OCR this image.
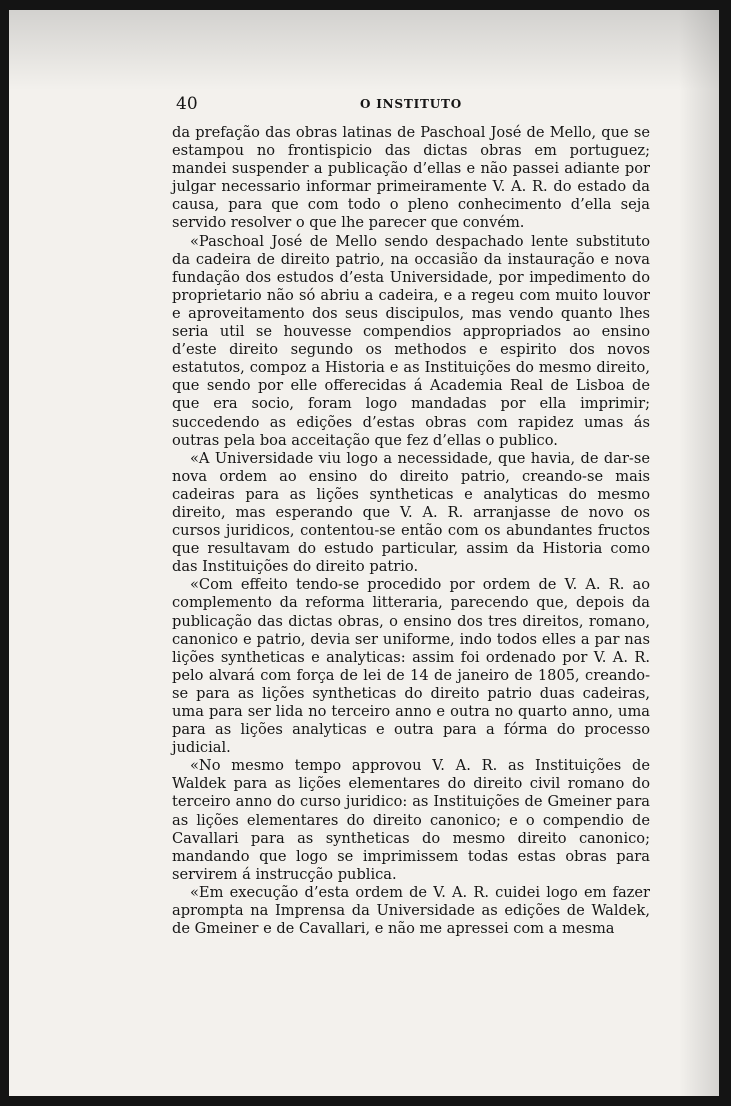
40	O INSTITUTO

da prefação das obras latinas de Paschoal José de Mello, que se estampou no frontispicio das dictas obras em portuguez; mandei suspender a publicação d’ellas e não passei adiante por julgar necessario informar primeiramente V. A. R. do estado da causa, para que com todo o pleno conhecimento d’ella seja servido resolver o que lhe parecer que convém.

«Paschoal José de Mello sendo despachado lente substituto da cadeira de direito patrio, na occasião da instauração e nova fundação dos estudos d’esta Universidade, por impedimento do proprietario não só abriu a cadeira, e a regeu com muito louvor e aproveitamento dos seus discipulos, mas vendo quanto lhes seria util se houvesse compendios appropriados ao ensino d’este direito segundo os methodos e espirito dos novos estatutos, compoz a Historia e as Instituições do mesmo direito, que sendo por elle offerecidas á Academia Real de Lisboa de que era socio, foram logo mandadas por ella imprimir; succedendo as edições d’estas obras com rapidez umas ás outras pela boa acceitação que fez d’ellas o publico.

«A Universidade viu logo a necessidade, que havia, de dar-se nova ordem ao ensino do direito patrio, creando-se mais cadeiras para as lições syntheticas e analyticas do mesmo direito, mas esperando que V. A. R. arranjasse de novo os cursos juridicos, contentou-se então com os abundantes fructos que resultavam do estudo particular, assim da Historia como das Instituições do direito patrio.

«Com effeito tendo-se procedido por ordem de V. A. R. ao complemento da reforma litteraria, parecendo que, depois da publicação das dictas obras, o ensino dos tres direitos, romano, canonico e patrio, devia ser uniforme, indo todos elles a par nas lições syntheticas e analyticas: assim foi ordenado por V. A. R. pelo alvará com força de lei de 14 de janeiro de 1805, creando-se para as lições syntheticas do direito patrio duas cadeiras, uma para ser lida no terceiro anno e outra no quarto anno, uma para as lições analyticas e outra para a fórma do processo judicial.

«No mesmo tempo approvou V. A. R. as Instituições de Waldek para as lições elementares do direito civil romano do terceiro anno do curso juridico: as Instituições de Gmeiner para as lições elementares do direito canonico; e o compendio de Cavallari para as syntheticas do mesmo direito canonico; mandando que logo se imprimissem todas estas obras para servirem á instrucção publica.

«Em execução d’esta ordem de V. A. R. cuidei logo em fazer aprompta na Imprensa da Universidade as edições de Waldek, de Gmeiner e de Cavallari, e não me apressei com a mesma
